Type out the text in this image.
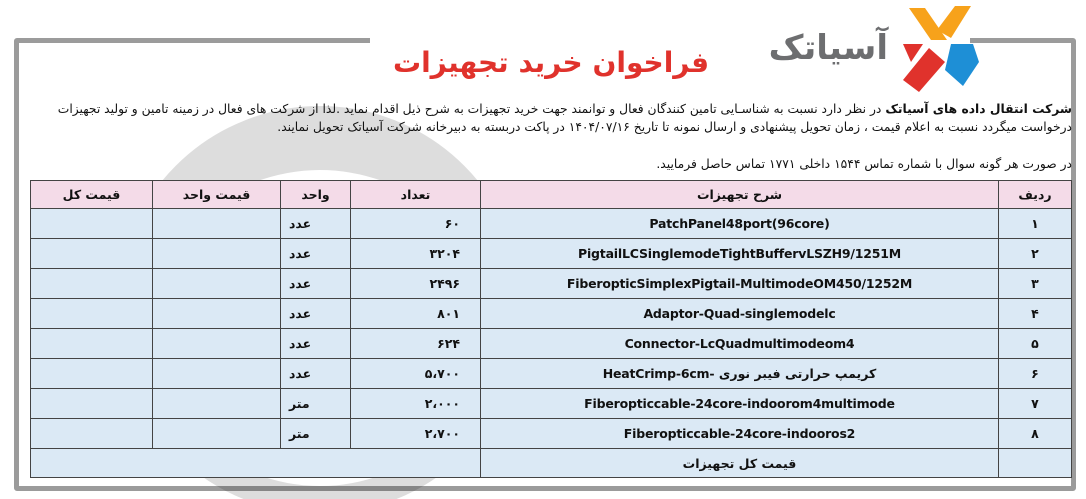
آسیاتک
فراخوان خرید تجهیزات
شرکت انتقال داده های آسیاتک در نظر دارد نسبت به شناسـایی تامین کنندگان فعال و توانمند جهت خرید تجهیزات به شرح ذیل اقدام نماید .لذا از شرکت های فعال در زمینه تامین و تولید تجهیزات درخواست میگردد نسبت به اعلام قیمت ، زمان تحویل پیشنهادی و ارسال نمونه تا تاریخ ۱۴۰۴/۰۷/۱۶ در پاکت دربسته به دبیرخانه شرکت آسیاتک تحویل نمایند.
در صورت هر گونه سوال با شماره تماس ۱۵۴۴ داخلی ۱۷۷۱ تماس حاصل فرمایید.
ردیف	شرح تجهیزات	تعداد	واحد	قیمت واحد	قیمت کل
۱	PatchPanel48port(96core)	۶۰	عدد		
۲	PigtailLCSinglemodeTightBuffervLSZH9/1251M	۳۲۰۴	عدد		
۳	FiberopticSimplexPigtail-MultimodeOM450/1252M	۲۴۹۶	عدد		
۴	Adaptor-Quad-singlemodelc	۸۰۱	عدد		
۵	Connector-LcQuadmultimodeom4	۶۲۴	عدد		
۶	کریمپ حرارتی فیبر نوری -HeatCrimp-6cm	۵،۷۰۰	عدد		
۷	Fiberopticcable-24core-indoorom4multimode	۲،۰۰۰	متر		
۸	Fiberopticcable-24core-indooros2	۲،۷۰۰	متر		
	قیمت کل تجهیزات				
